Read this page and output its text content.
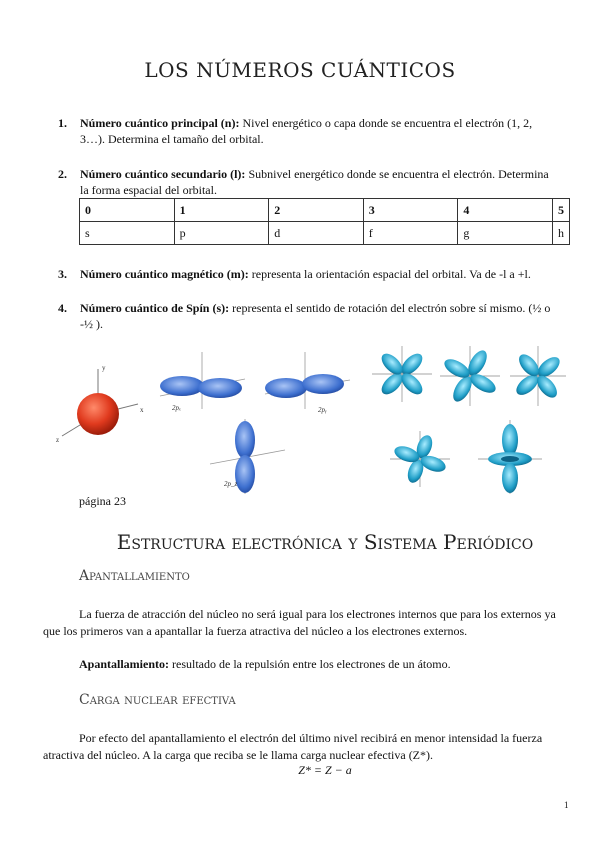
LOS NÚMEROS CUÁNTICOS
1. Número cuántico principal (n): Nivel energético o capa donde se encuentra el electrón (1, 2, 3…). Determina el tamaño del orbital.
2. Número cuántico secundario (l): Subnivel energético donde se encuentra el electrón. Determina la forma espacial del orbital.
0	1	2	3	4	5
s	p	d	f	g	h
3. Número cuántico magnético (m): representa la orientación espacial del orbital. Va de -l a +l.
4. Número cuántico de Spín (s): representa el sentido de rotación del electrón sobre sí mismo. (½ o -½ ).
y
x
z
2pₓ	2pᵧ
2p_z
página 23
Estructura electrónica y Sistema Periódico
Apantallamiento
La fuerza de atracción del núcleo no será igual para los electrones internos que para los externos ya que los primeros van a apantallar la fuerza atractiva del núcleo a los electrones externos.
Apantallamiento: resultado de la repulsión entre los electrones de un átomo.
Carga nuclear efectiva
Por efecto del apantallamiento el electrón del último nivel recibirá en menor intensidad la fuerza atractiva del núcleo. A la carga que reciba se le llama carga nuclear efectiva (Z*).
Z* = Z − a
1
